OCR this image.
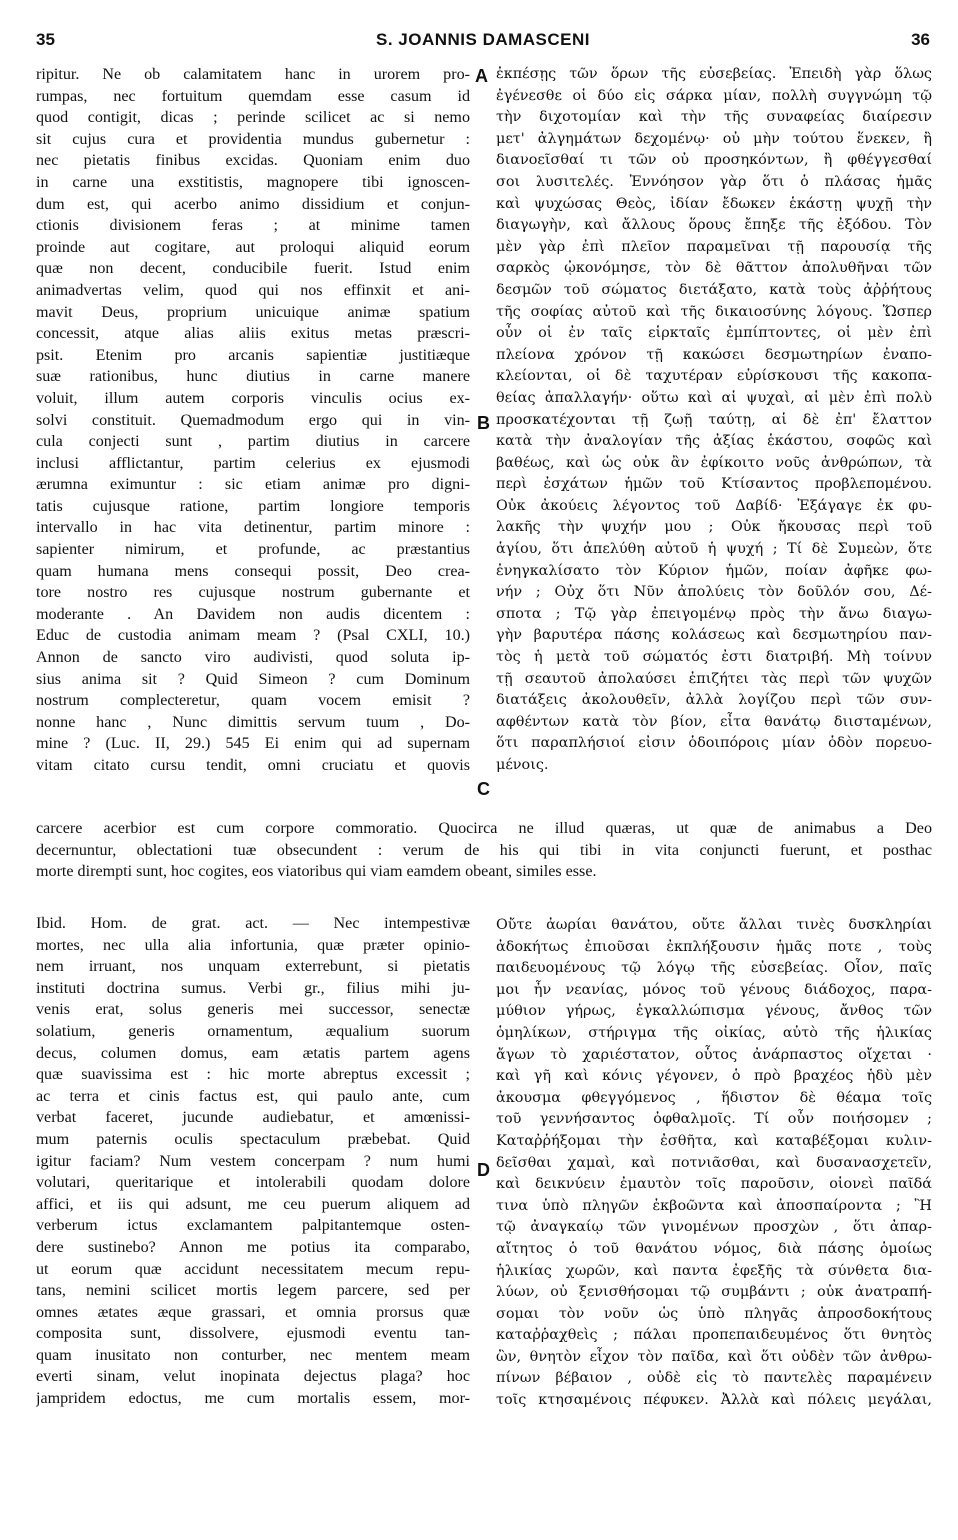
35	S. JOANNIS DAMASCENI	36
A
B
C
D
ripitur. Ne ob calamitatem hanc in urorem pro-
rumpas, nec fortuitum quemdam esse casum id
quod contigit, dicas ; perinde scilicet ac si nemo
sit cujus cura et providentia mundus gubernetur :
nec pietatis finibus excidas. Quoniam enim duo
in carne una exstitistis, magnopere tibi ignoscen-
dum est, qui acerbo animo dissidium et conjun-
ctionis divisionem feras ; at minime tamen
proinde aut cogitare, aut proloqui aliquid eorum
quæ non decent, conducibile fuerit. Istud enim
animadvertas velim, quod qui nos effinxit et ani-
mavit Deus, proprium unicuique animæ spatium
concessit, atque alias aliis exitus metas præscri-
psit. Etenim pro arcanis sapientiæ justitiæque
suæ rationibus, hunc diutius in carne manere
voluit, illum autem corporis vinculis ocius ex-
solvi constituit. Quemadmodum ergo qui in vin-
cula conjecti sunt , partim diutius in carcere
inclusi afflictantur, partim celerius ex ejusmodi
ærumna eximuntur : sic etiam animæ pro digni-
tatis cujusque ratione, partim longiore temporis
intervallo in hac vita detinentur, partim minore :
sapienter nimirum, et profunde, ac præstantius
quam humana mens consequi possit, Deo crea-
tore nostro res cujusque nostrum gubernante et
moderante . An Davidem non audis dicentem :
Educ de custodia animam meam ? (Psal CXLI, 10.)
Annon de sancto viro audivisti, quod soluta ip-
sius anima sit ? Quid Simeon ? cum Dominum
nostrum complecteretur, quam vocem emisit ?
nonne hanc , Nunc dimittis servum tuum , Do-
mine ? (Luc. II, 29.) 545 Ei enim qui ad supernam
vitam citato cursu tendit, omni cruciatu et quovis
ἐκπέσῃς τῶν ὅρων τῆς εὐσεβείας. Ἐπειδὴ γὰρ ὅλως
ἐγένεσθε οἱ δύο εἰς σάρκα μίαν, πολλὴ συγγνώμη τῷ
τὴν διχοτομίαν καὶ τὴν τῆς συναφείας διαίρεσιν
μετ' ἀλγημάτων δεχομένῳ· οὐ μὴν τούτου ἕνεκεν, ἢ
διανοεῖσθαί τι τῶν οὐ προσηκόντων, ἢ φθέγγεσθαί
σοι λυσιτελές. Ἐννόησον γὰρ ὅτι ὁ πλάσας ἡμᾶς
καὶ ψυχώσας Θεὸς, ἰδίαν ἔδωκεν ἑκάστῃ ψυχῇ τὴν
διαγωγὴν, καὶ ἄλλους ὅρους ἔπηξε τῆς ἐξόδου. Τὸν
μὲν γὰρ ἐπὶ πλεῖον παραμεῖναι τῇ παρουσίᾳ τῆς
σαρκὸς ᾠκονόμησε, τὸν δὲ θᾶττον ἀπολυθῆναι τῶν
δεσμῶν τοῦ σώματος διετάξατο, κατὰ τοὺς ἀῤῥήτους
τῆς σοφίας αὐτοῦ καὶ τῆς δικαιοσύνης λόγους. Ὥσπερ
οὖν οἱ ἐν ταῖς εἱρκταῖς ἐμπίπτοντες, οἱ μὲν ἐπὶ
πλείονα χρόνον τῇ κακώσει δεσμωτηρίων ἐναπο-
κλείονται, οἱ δὲ ταχυτέραν εὑρίσκουσι τῆς κακοπα-
θείας ἀπαλλαγήν· οὕτω καὶ αἱ ψυχαὶ, αἱ μὲν ἐπὶ πολὺ
προσκατέχονται τῇ ζωῇ ταύτῃ, αἱ δὲ ἐπ' ἔλαττον
κατὰ τὴν ἀναλογίαν τῆς ἀξίας ἑκάστου, σοφῶς καὶ
βαθέως, καὶ ὡς οὐκ ἂν ἐφίκοιτο νοῦς ἀνθρώπων, τὰ
περὶ ἐσχάτων ἡμῶν τοῦ Κτίσαντος προβλεπομένου.
Οὐκ ἀκούεις λέγοντος τοῦ Δαβίδ· Ἐξάγαγε ἐκ φυ-
λακῆς τὴν ψυχήν μου ; Οὐκ ἤκουσας περὶ τοῦ
ἁγίου, ὅτι ἀπελύθη αὐτοῦ ἡ ψυχή ; Τί δὲ Συμεὼν, ὅτε
ἐνηγκαλίσατο τὸν Κύριον ἡμῶν, ποίαν ἀφῆκε φω-
νήν ; Οὐχ ὅτι Νῦν ἀπολύεις τὸν δοῦλόν σου, Δέ-
σποτα ; Τῷ γὰρ ἐπειγομένῳ πρὸς τὴν ἄνω διαγω-
γὴν βαρυτέρα πάσης κολάσεως καὶ δεσμωτηρίου παν-
τὸς ἡ μετὰ τοῦ σώματός ἐστι διατριβή. Μὴ τοίνυν
τῇ σεαυτοῦ ἀπολαύσει ἐπιζήτει τὰς περὶ τῶν ψυχῶν
διατάξεις ἀκολουθεῖν, ἀλλὰ λογίζου περὶ τῶν συν-
αφθέντων κατὰ τὸν βίον, εἶτα θανάτῳ διισταμένων,
ὅτι παραπλήσιοί εἰσιν ὁδοιπόροις μίαν ὁδὸν πορευο-
μένοις.
carcere acerbior est cum corpore commoratio. Quocirca ne illud quæras, ut quæ de animabus a Deo
decernuntur, oblectationi tuæ obsecundent : verum de his qui tibi in vita conjuncti fuerunt, et posthac
morte dirempti sunt, hoc cogites, eos viatoribus qui viam eamdem obeant, similes esse.
Ibid. Hom. de grat. act. — Nec intempestivæ
mortes, nec ulla alia infortunia, quæ præter opinio-
nem irruant, nos unquam exterrebunt, si pietatis
instituti doctrina sumus. Verbi gr., filius mihi ju-
venis erat, solus generis mei successor, senectæ
solatium, generis ornamentum, æqualium suorum
decus, columen domus, eam ætatis partem agens
quæ suavissima est : hic morte abreptus excessit ;
ac terra et cinis factus est, qui paulo ante, cum
verbat faceret, jucunde audiebatur, et amœnissi-
mum paternis oculis spectaculum præbebat. Quid
igitur faciam? Num vestem concerpam ? num humi
volutari, queritarique et intolerabili quodam dolore
affici, et iis qui adsunt, me ceu puerum aliquem ad
verberum ictus exclamantem palpitantemque osten-
dere sustinebo? Annon me potius ita comparabo,
ut eorum quæ accidunt necessitatem mecum repu-
tans, nemini scilicet mortis legem parcere, sed per
omnes ætates æque grassari, et omnia prorsus quæ
composita sunt, dissolvere, ejusmodi eventu tan-
quam inusitato non conturber, nec mentem meam
everti sinam, velut inopinata dejectus plaga? hoc
jampridem edoctus, me cum mortalis essem, mor-
Οὔτε ἀωρίαι θανάτου, οὔτε ἄλλαι τινὲς δυσκληρίαι
ἀδοκήτως ἐπιοῦσαι ἐκπλήξουσιν ἡμᾶς ποτε , τοὺς
παιδευομένους τῷ λόγῳ τῆς εὐσεβείας. Οἷον, παῖς
μοι ἦν νεανίας, μόνος τοῦ γένους διάδοχος, παρα-
μύθιον γήρως, ἐγκαλλώπισμα γένους, ἄνθος τῶν
ὁμηλίκων, στήριγμα τῆς οἰκίας, αὐτὸ τῆς ἡλικίας
ἄγων τὸ χαριέστατον, οὗτος ἀνάρπαστος οἴχεται ·
καὶ γῆ καὶ κόνις γέγονεν, ὁ πρὸ βραχέος ἡδὺ μὲν
ἀκουσμα φθεγγόμενος , ἥδιστον δὲ θέαμα τοῖς
τοῦ γεννήσαντος ὀφθαλμοῖς. Τί οὖν ποιήσομεν ;
Καταῤῥήξομαι τὴν ἐσθῆτα, καὶ καταβέξομαι κυλιν-
δεῖσθαι χαμαὶ, καὶ ποτνιᾶσθαι, καὶ δυσανασχετεῖν,
καὶ δεικνύειν ἐμαυτὸν τοῖς παροῦσιν, οἱονεὶ παῖδά
τινα ὑπὸ πληγῶν ἐκβοῶντα καὶ ἀποσπαίροντα ; Ἢ
τῷ ἀναγκαίῳ τῶν γινομένων προσχὼν , ὅτι ἀπαρ-
αἴτητος ὁ τοῦ θανάτου νόμος, διὰ πάσης ὁμοίως
ἡλικίας χωρῶν, καὶ παντα ἐφεξῆς τὰ σύνθετα δια-
λύων, οὐ ξενισθήσομαι τῷ συμβάντι ; οὐκ ἀνατραπή-
σομαι τὸν νοῦν ὡς ὑπὸ πληγᾶς ἀπροσδοκήτους
καταῤῥαχθεὶς ; πάλαι προπεπαιδευμένος ὅτι θνητὸς
ὢν, θνητὸν εἶχον τὸν παῖδα, καὶ ὅτι οὐδὲν τῶν ἀνθρω-
πίνων βέβαιον , οὐδὲ εἰς τὸ παντελὲς παραμένειν
τοῖς κτησαμένοις πέφυκεν. Ἀλλὰ καὶ πόλεις μεγάλαι,
